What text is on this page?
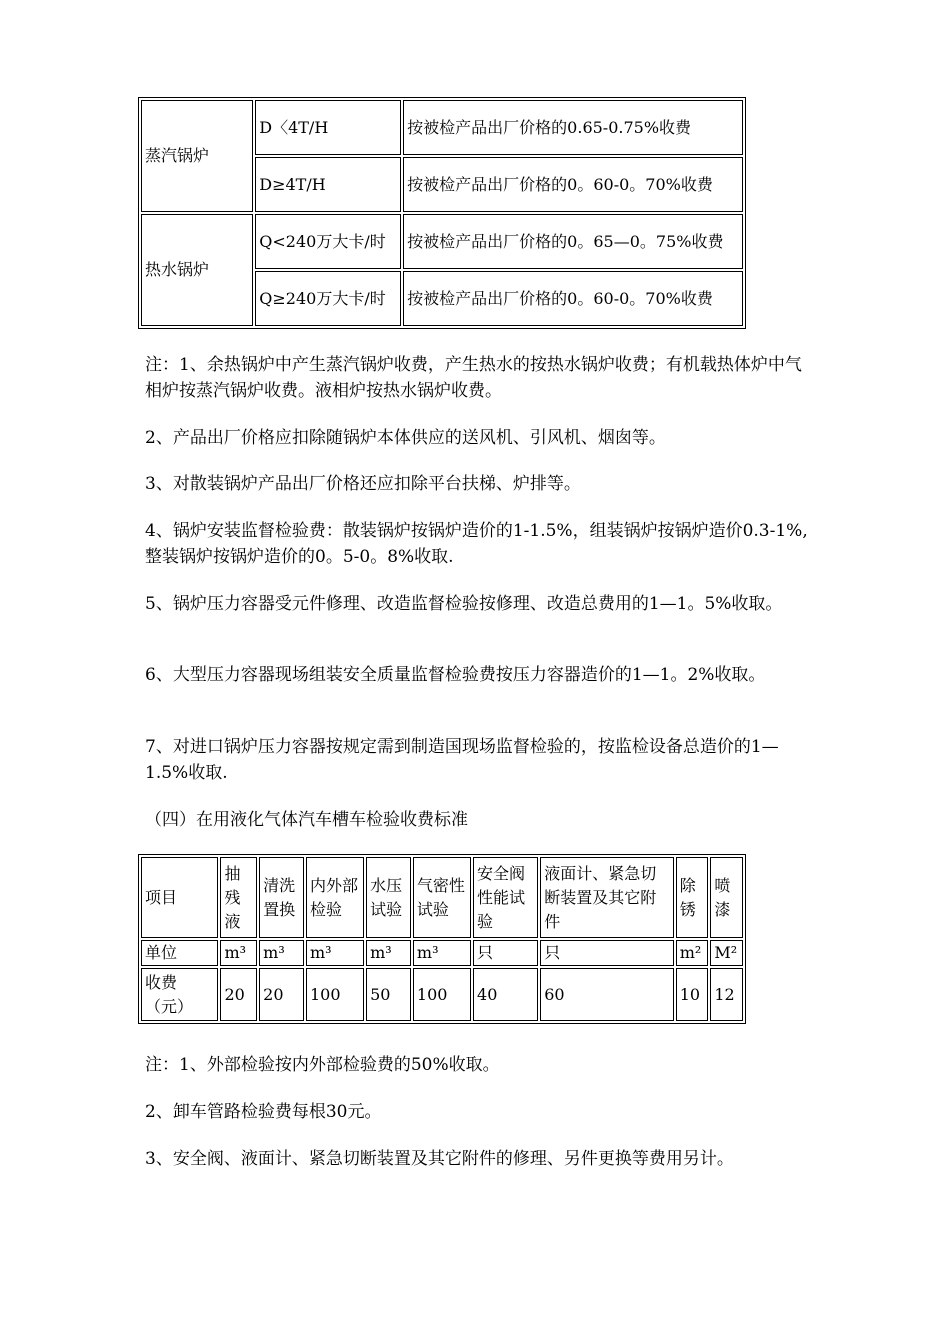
蒸汽锅炉	D〈4T/H	按被检产品出厂价格的0.65-0.75%收费
	D≥4T/H	按被检产品出厂价格的0。60-0。70%收费
热水锅炉	Q<240万大卡/时	按被检产品出厂价格的0。65—0。75%收费
	Q≥240万大卡/时	按被检产品出厂价格的0。60-0。70%收费

注：1、余热锅炉中产生蒸汽锅炉收费，产生热水的按热水锅炉收费；有机载热体炉中气相炉按蒸汽锅炉收费。液相炉按热水锅炉收费。

2、产品出厂价格应扣除随锅炉本体供应的送风机、引风机、烟囱等。

3、对散装锅炉产品出厂价格还应扣除平台扶梯、炉排等。

4、锅炉安装监督检验费：散装锅炉按锅炉造价的1-1.5%，组装锅炉按锅炉造价0.3-1%,整装锅炉按锅炉造价的0。5-0。8%收取.

5、锅炉压力容器受元件修理、改造监督检验按修理、改造总费用的1—1。5%收取。

6、大型压力容器现场组装安全质量监督检验费按压力容器造价的1—1。2%收取。

7、对进口锅炉压力容器按规定需到制造国现场监督检验的，按监检设备总造价的1—1.5%收取.

（四）在用液化气体汽车槽车检验收费标准

项目	抽残液	清洗置换	内外部检验	水压试验	气密性试验	安全阀性能试验	液面计、紧急切断装置及其它附件	除锈	喷漆
单位	m³	m³	m³	m³	m³	只	只	m²	M²
收费（元）	20	20	100	50	100	40	60	10	12

注：1、外部检验按内外部检验费的50%收取。

2、卸车管路检验费每根30元。

3、安全阀、液面计、紧急切断装置及其它附件的修理、另件更换等费用另计。
